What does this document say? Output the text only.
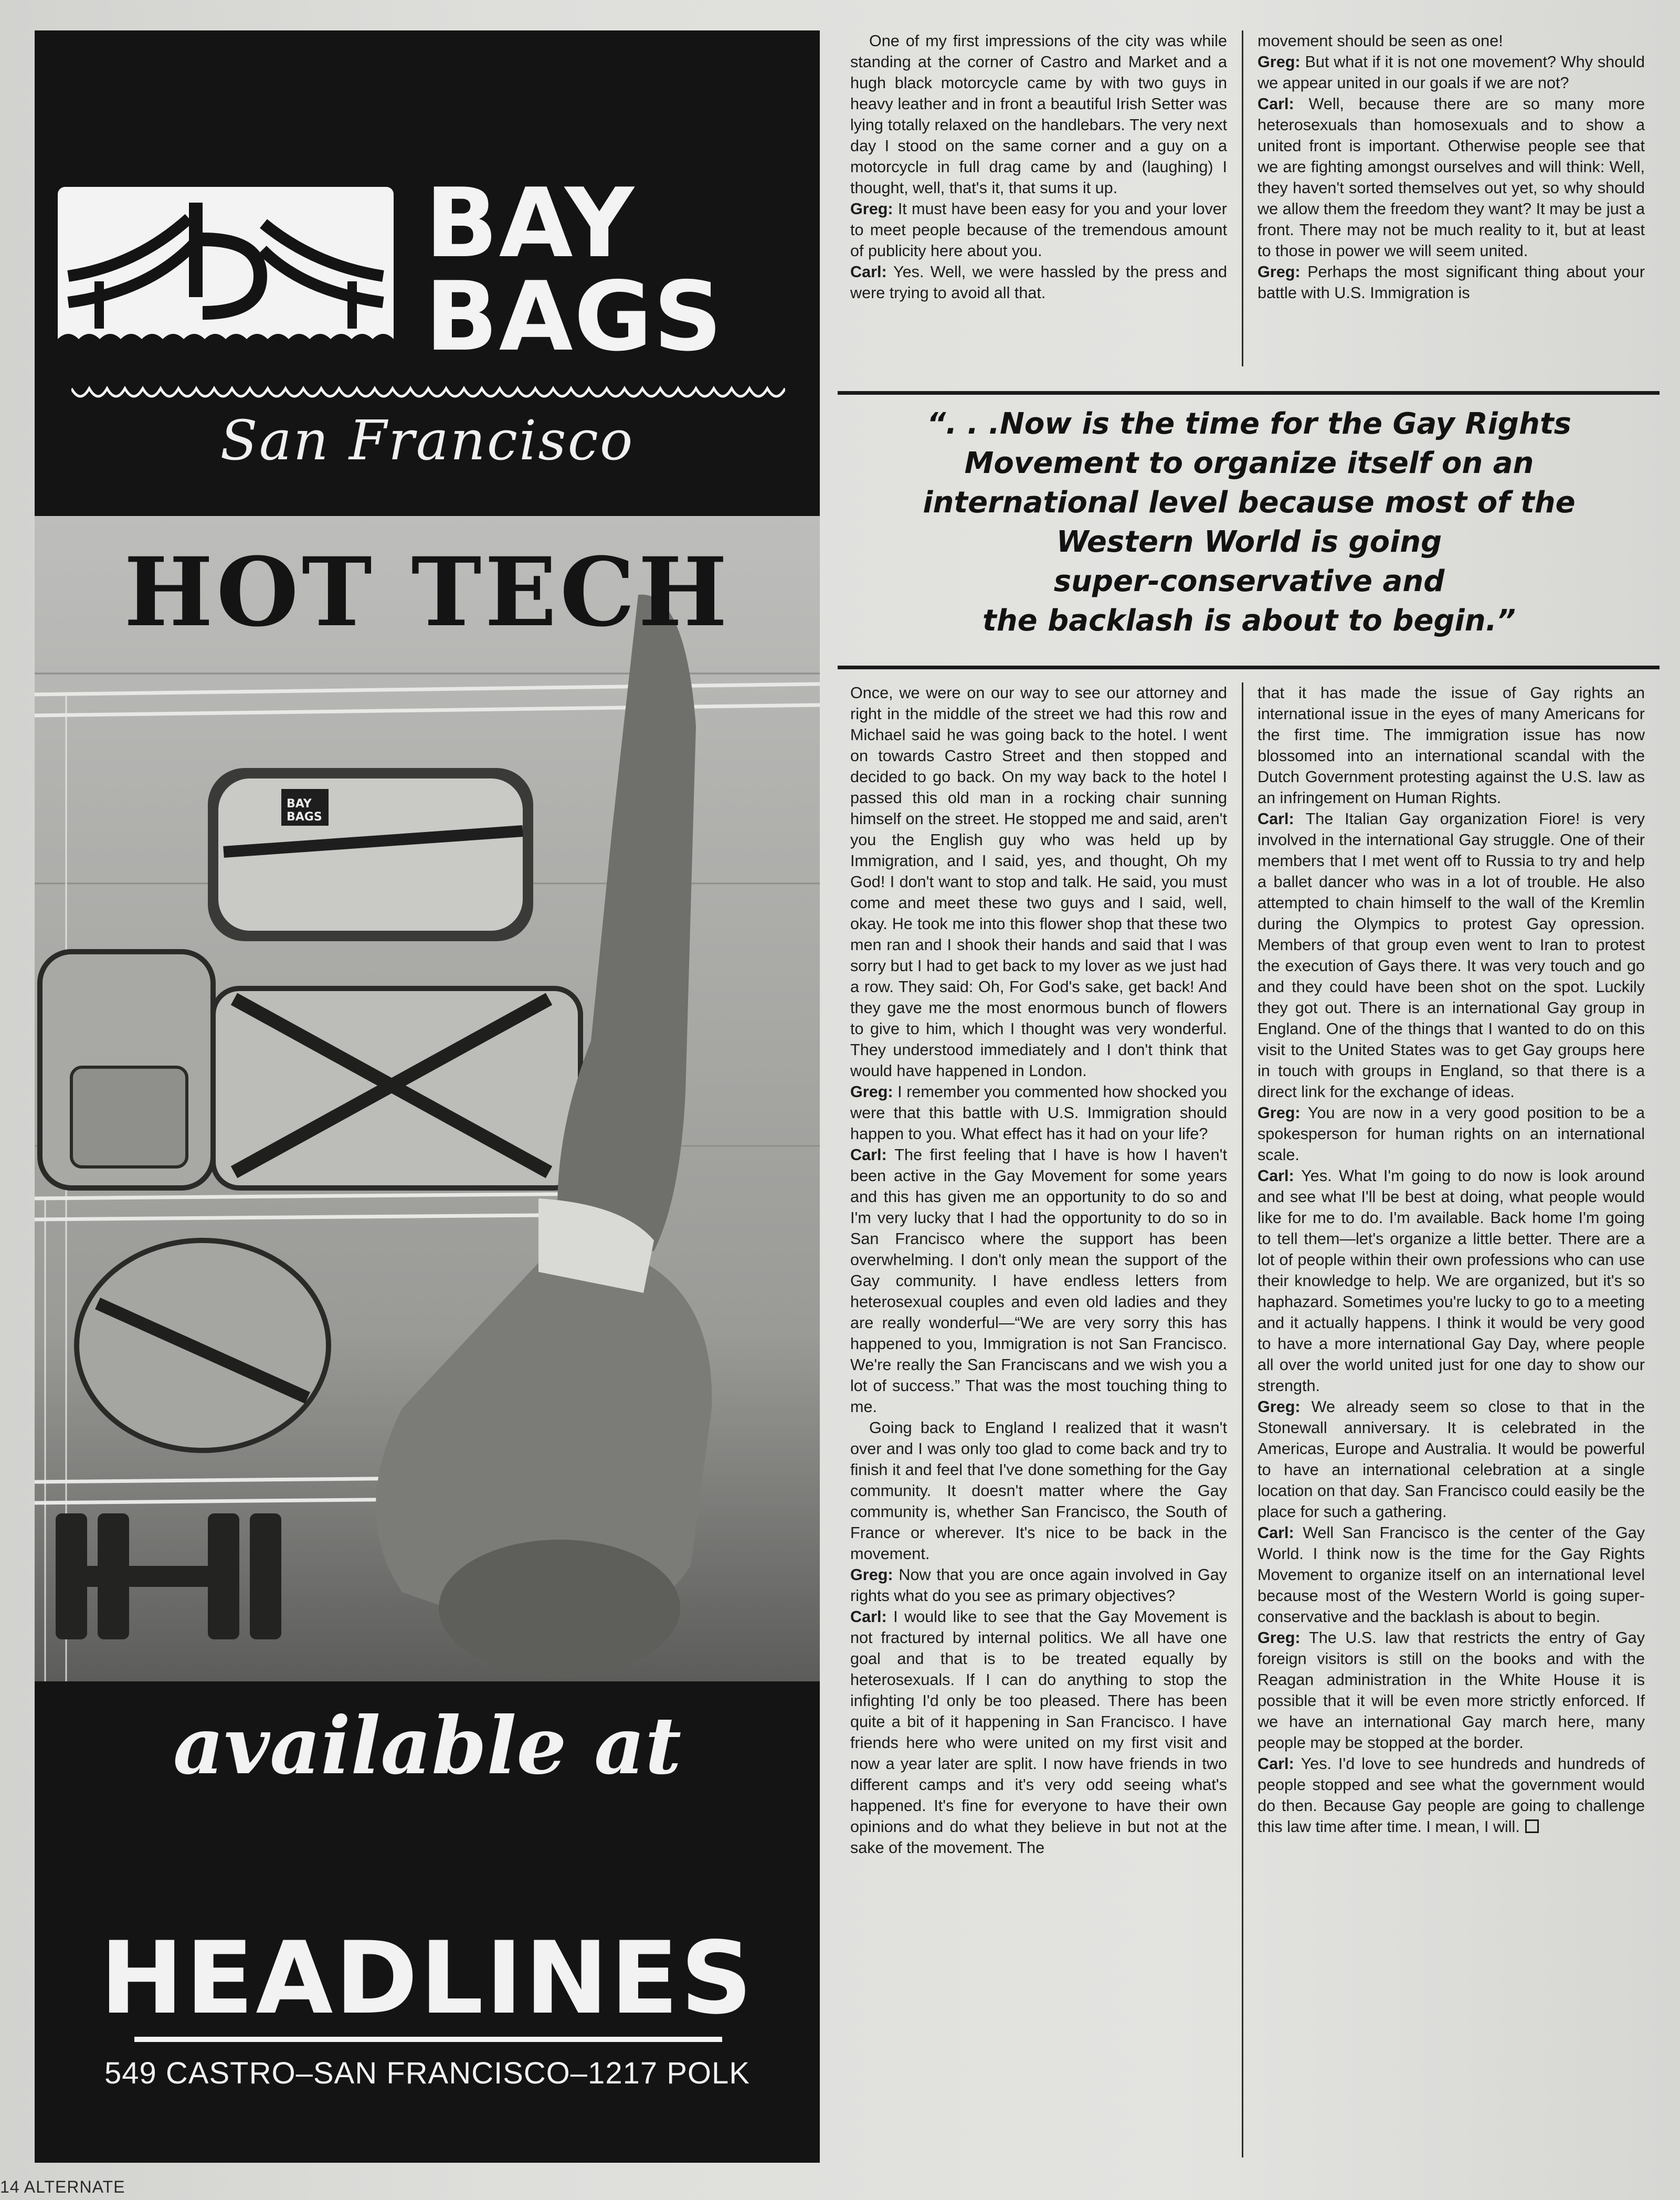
BAY
BAGS
San Francisco
BAY
BAGS
HOT TECH
available at
HEADLINES
549 CASTRO–SAN FRANCISCO–1217 POLK

One of my first impressions of the city was while standing at the corner of Castro and Market and a hugh black motorcycle came by with two guys in heavy leather and in front a beautiful Irish Setter was lying totally relaxed on the handlebars. The very next day I stood on the same corner and a guy on a motorcycle in full drag came by and (laughing) I thought, well, that's it, that sums it up.

Greg: It must have been easy for you and your lover to meet people because of the tremendous amount of publicity here about you.

Carl: Yes. Well, we were hassled by the press and were trying to avoid all that.

movement should be seen as one!

Greg: But what if it is not one movement? Why should we appear united in our goals if we are not?

Carl: Well, because there are so many more heterosexuals than homosexuals and to show a united front is important. Otherwise people see that we are fighting amongst ourselves and will think: Well, they haven't sorted themselves out yet, so why should we allow them the freedom they want? It may be just a front. There may not be much reality to it, but at least to those in power we will seem united.

Greg: Perhaps the most significant thing about your battle with U.S. Immigration is

“. . .Now is the time for the Gay Rights
Movement to organize itself on an
international level because most of the
Western World is going
super-conservative and
the backlash is about to begin.”

Once, we were on our way to see our attorney and right in the middle of the street we had this row and Michael said he was going back to the hotel. I went on towards Castro Street and then stopped and decided to go back. On my way back to the hotel I passed this old man in a rocking chair sunning himself on the street. He stopped me and said, aren't you the English guy who was held up by Immigration, and I said, yes, and thought, Oh my God! I don't want to stop and talk. He said, you must come and meet these two guys and I said, well, okay. He took me into this flower shop that these two men ran and I shook their hands and said that I was sorry but I had to get back to my lover as we just had a row. They said: Oh, For God's sake, get back! And they gave me the most enormous bunch of flowers to give to him, which I thought was very wonderful. They understood immediately and I don't think that would have happened in London.

Greg: I remember you commented how shocked you were that this battle with U.S. Immigration should happen to you. What effect has it had on your life?

Carl: The first feeling that I have is how I haven't been active in the Gay Movement for some years and this has given me an opportunity to do so and I'm very lucky that I had the opportunity to do so in San Francisco where the support has been overwhelming. I don't only mean the support of the Gay community. I have endless letters from heterosexual couples and even old ladies and they are really wonderful—“We are very sorry this has happened to you, Immigration is not San Francisco. We're really the San Franciscans and we wish you a lot of success.” That was the most touching thing to me.

Going back to England I realized that it wasn't over and I was only too glad to come back and try to finish it and feel that I've done something for the Gay community. It doesn't matter where the Gay community is, whether San Francisco, the South of France or wherever. It's nice to be back in the movement.

Greg: Now that you are once again involved in Gay rights what do you see as primary objectives?

Carl: I would like to see that the Gay Movement is not fractured by internal politics. We all have one goal and that is to be treated equally by heterosexuals. If I can do anything to stop the infighting I'd only be too pleased. There has been quite a bit of it happening in San Francisco. I have friends here who were united on my first visit and now a year later are split. I now have friends in two different camps and it's very odd seeing what's happened. It's fine for everyone to have their own opinions and do what they believe in but not at the sake of the movement. The

that it has made the issue of Gay rights an international issue in the eyes of many Americans for the first time. The immigration issue has now blossomed into an international scandal with the Dutch Government protesting against the U.S. law as an infringement on Human Rights.

Carl: The Italian Gay organization Fiore! is very involved in the international Gay struggle. One of their members that I met went off to Russia to try and help a ballet dancer who was in a lot of trouble. He also attempted to chain himself to the wall of the Kremlin during the Olympics to protest Gay opression. Members of that group even went to Iran to protest the execution of Gays there. It was very touch and go and they could have been shot on the spot. Luckily they got out. There is an international Gay group in England. One of the things that I wanted to do on this visit to the United States was to get Gay groups here in touch with groups in England, so that there is a direct link for the exchange of ideas.

Greg: You are now in a very good position to be a spokesperson for human rights on an international scale.

Carl: Yes. What I'm going to do now is look around and see what I'll be best at doing, what people would like for me to do. I'm available. Back home I'm going to tell them—let's organize a little better. There are a lot of people within their own professions who can use their knowledge to help. We are organized, but it's so haphazard. Sometimes you're lucky to go to a meeting and it actually happens. I think it would be very good to have a more international Gay Day, where people all over the world united just for one day to show our strength.

Greg: We already seem so close to that in the Stonewall anniversary. It is celebrated in the Americas, Europe and Australia. It would be powerful to have an international celebration at a single location on that day. San Francisco could easily be the place for such a gathering.

Carl: Well San Francisco is the center of the Gay World. I think now is the time for the Gay Rights Movement to organize itself on an international level because most of the Western World is going super-conservative and the backlash is about to begin.

Greg: The U.S. law that restricts the entry of Gay foreign visitors is still on the books and with the Reagan administration in the White House it is possible that it will be even more strictly enforced. If we have an international Gay march here, many people may be stopped at the border.

Carl: Yes. I'd love to see hundreds and hundreds of people stopped and see what the government would do then. Because Gay people are going to challenge this law time after time. I mean, I will.

14 ALTERNATE
